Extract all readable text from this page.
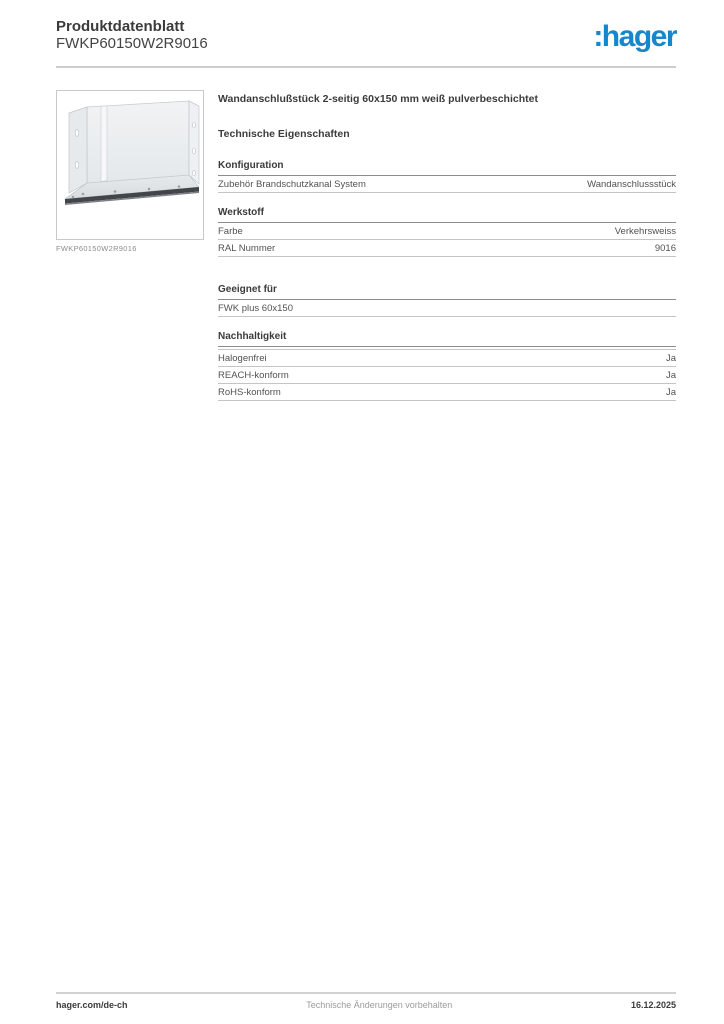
Produktdatenblatt
FWKP60150W2R9016	:hager
FWKP60150W2R9016
Wandanschlußstück 2-seitig 60x150 mm weiß pulverbeschichtet
Technische Eigenschaften
Konfiguration
Zubehör Brandschutzkanal System	Wandanschlussstück
Werkstoff
Farbe	Verkehrsweiss
RAL Nummer	9016
Geeignet für
FWK plus 60x150
Nachhaltigkeit
Halogenfrei	Ja
REACH-konform	Ja
RoHS-konform	Ja
hager.com/de-ch	Technische Änderungen vorbehalten	16.12.2025
